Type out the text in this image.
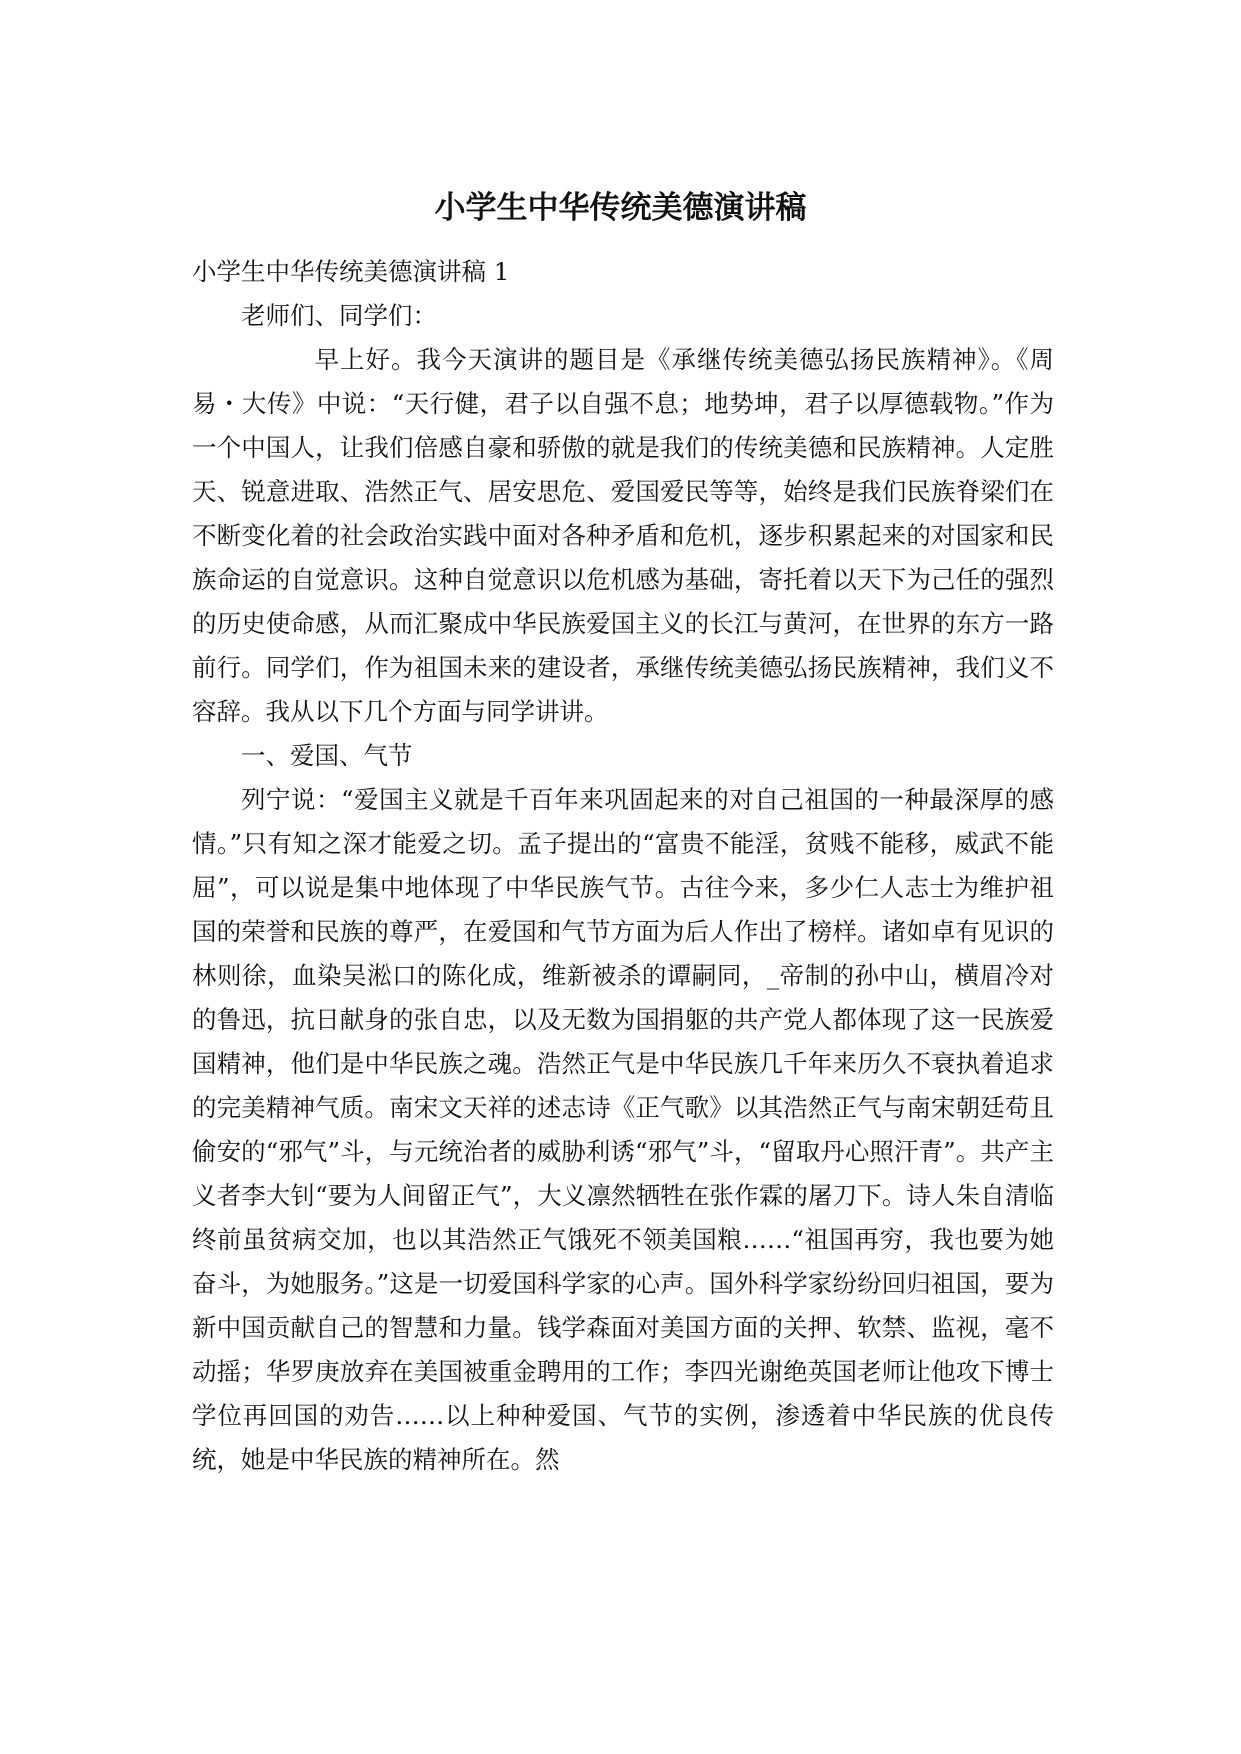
小学生中华传统美德演讲稿

小学生中华传统美德演讲稿 1

老师们、同学们：

早上好。我今天演讲的题目是《承继传统美德弘扬民族精神》。《周易・大传》中说：“天行健，君子以自强不息；地势坤，君子以厚德载物。”作为一个中国人，让我们倍感自豪和骄傲的就是我们的传统美德和民族精神。人定胜天、锐意进取、浩然正气、居安思危、爱国爱民等等，始终是我们民族脊梁们在不断变化着的社会政治实践中面对各种矛盾和危机，逐步积累起来的对国家和民族命运的自觉意识。这种自觉意识以危机感为基础，寄托着以天下为己任的强烈的历史使命感，从而汇聚成中华民族爱国主义的长江与黄河，在世界的东方一路前行。同学们，作为祖国未来的建设者，承继传统美德弘扬民族精神，我们义不容辞。我从以下几个方面与同学讲讲。

一、爱国、气节

列宁说：“爱国主义就是千百年来巩固起来的对自己祖国的一种最深厚的感情。”只有知之深才能爱之切。孟子提出的“富贵不能淫，贫贱不能移，威武不能屈”，可以说是集中地体现了中华民族气节。古往今来，多少仁人志士为维护祖国的荣誉和民族的尊严，在爱国和气节方面为后人作出了榜样。诸如卓有见识的林则徐，血染吴淞口的陈化成，维新被杀的谭嗣同，_帝制的孙中山，横眉冷对的鲁迅，抗日献身的张自忠，以及无数为国捐躯的共产党人都体现了这一民族爱国精神，他们是中华民族之魂。浩然正气是中华民族几千年来历久不衰执着追求的完美精神气质。南宋文天祥的述志诗《正气歌》以其浩然正气与南宋朝廷苟且偷安的“邪气”斗，与元统治者的威胁利诱“邪气”斗，“留取丹心照汗青”。共产主义者李大钊“要为人间留正气”，大义凛然牺牲在张作霖的屠刀下。诗人朱自清临终前虽贫病交加，也以其浩然正气饿死不领美国粮……“祖国再穷，我也要为她奋斗，为她服务。”这是一切爱国科学家的心声。国外科学家纷纷回归祖国，要为新中国贡献自己的智慧和力量。钱学森面对美国方面的关押、软禁、监视，毫不动摇；华罗庚放弃在美国被重金聘用的工作；李四光谢绝英国老师让他攻下博士学位再回国的劝告……以上种种爱国、气节的实例，渗透着中华民族的优良传统，她是中华民族的精神所在。然
